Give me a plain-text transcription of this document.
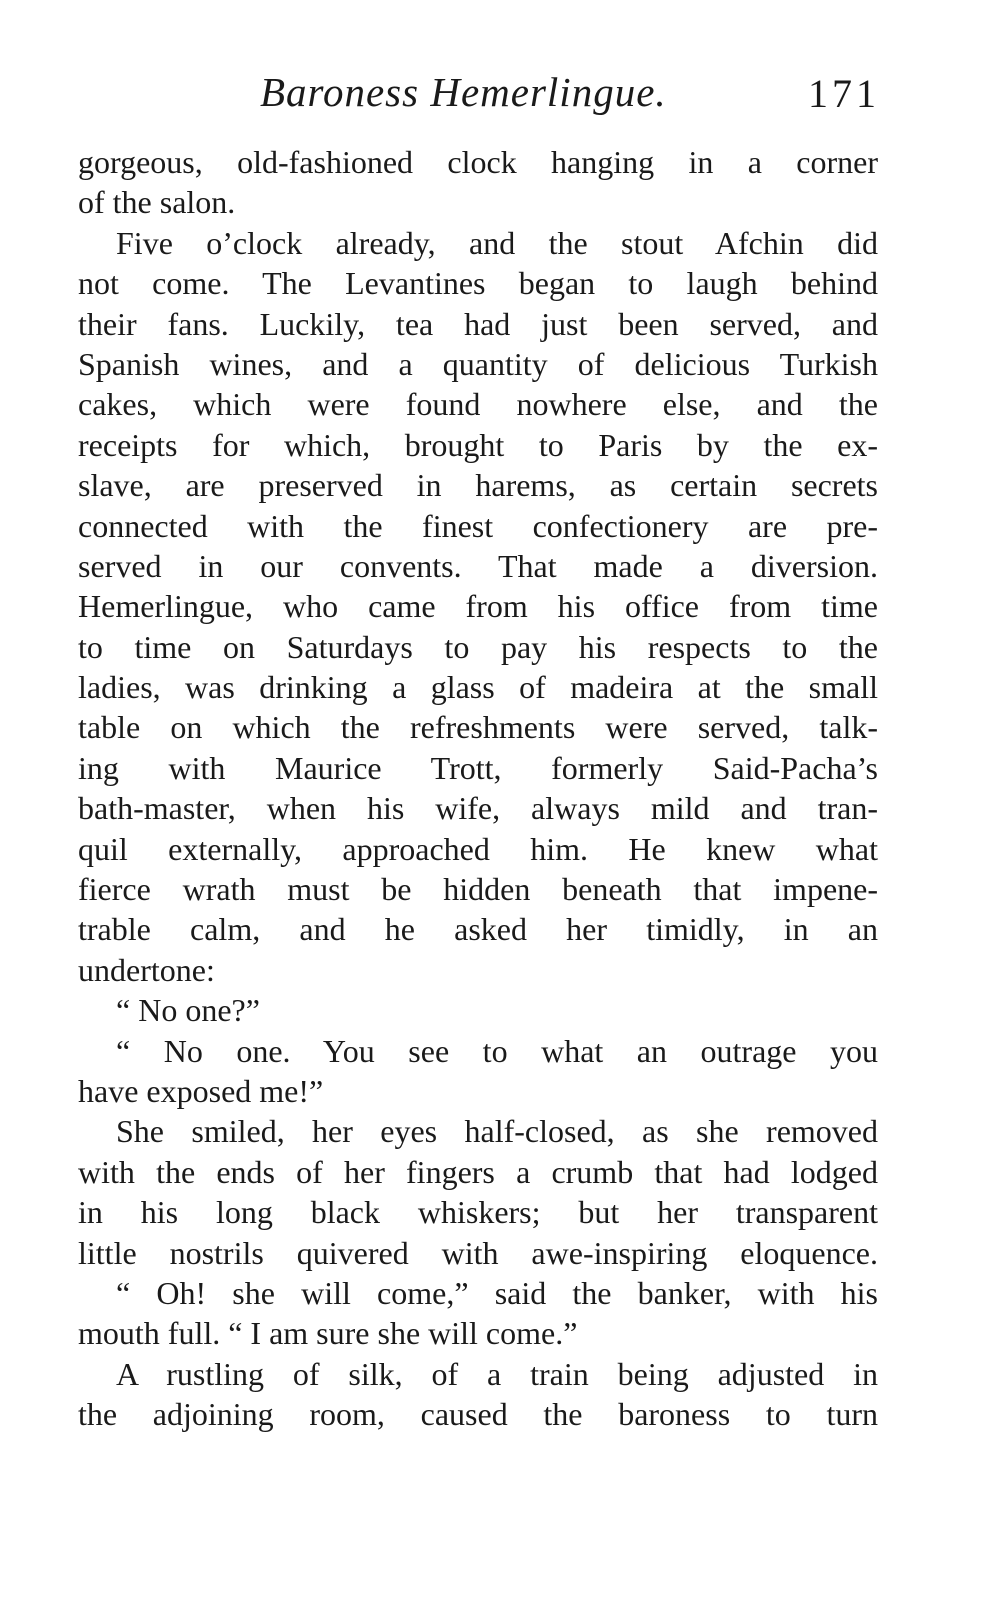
Baroness Hemerlingue.	171
gorgeous, old-fashioned clock hanging in a corner
of the salon.
Five o’clock already, and the stout Afchin did
not come. The Levantines began to laugh behind
their fans. Luckily, tea had just been served, and
Spanish wines, and a quantity of delicious Turkish
cakes, which were found nowhere else, and the
receipts for which, brought to Paris by the ex-
slave, are preserved in harems, as certain secrets
connected with the finest confectionery are pre-
served in our convents. That made a diversion.
Hemerlingue, who came from his office from time
to time on Saturdays to pay his respects to the
ladies, was drinking a glass of madeira at the small
table on which the refreshments were served, talk-
ing with Maurice Trott, formerly Said-Pacha’s
bath-master, when his wife, always mild and tran-
quil externally, approached him. He knew what
fierce wrath must be hidden beneath that impene-
trable calm, and he asked her timidly, in an
undertone:
“ No one?”
“ No one. You see to what an outrage you
have exposed me!”
She smiled, her eyes half-closed, as she removed
with the ends of her fingers a crumb that had lodged
in his long black whiskers; but her transparent
little nostrils quivered with awe-inspiring eloquence.
“ Oh! she will come,” said the banker, with his
mouth full. “ I am sure she will come.”
A rustling of silk, of a train being adjusted in
the adjoining room, caused the baroness to turn
